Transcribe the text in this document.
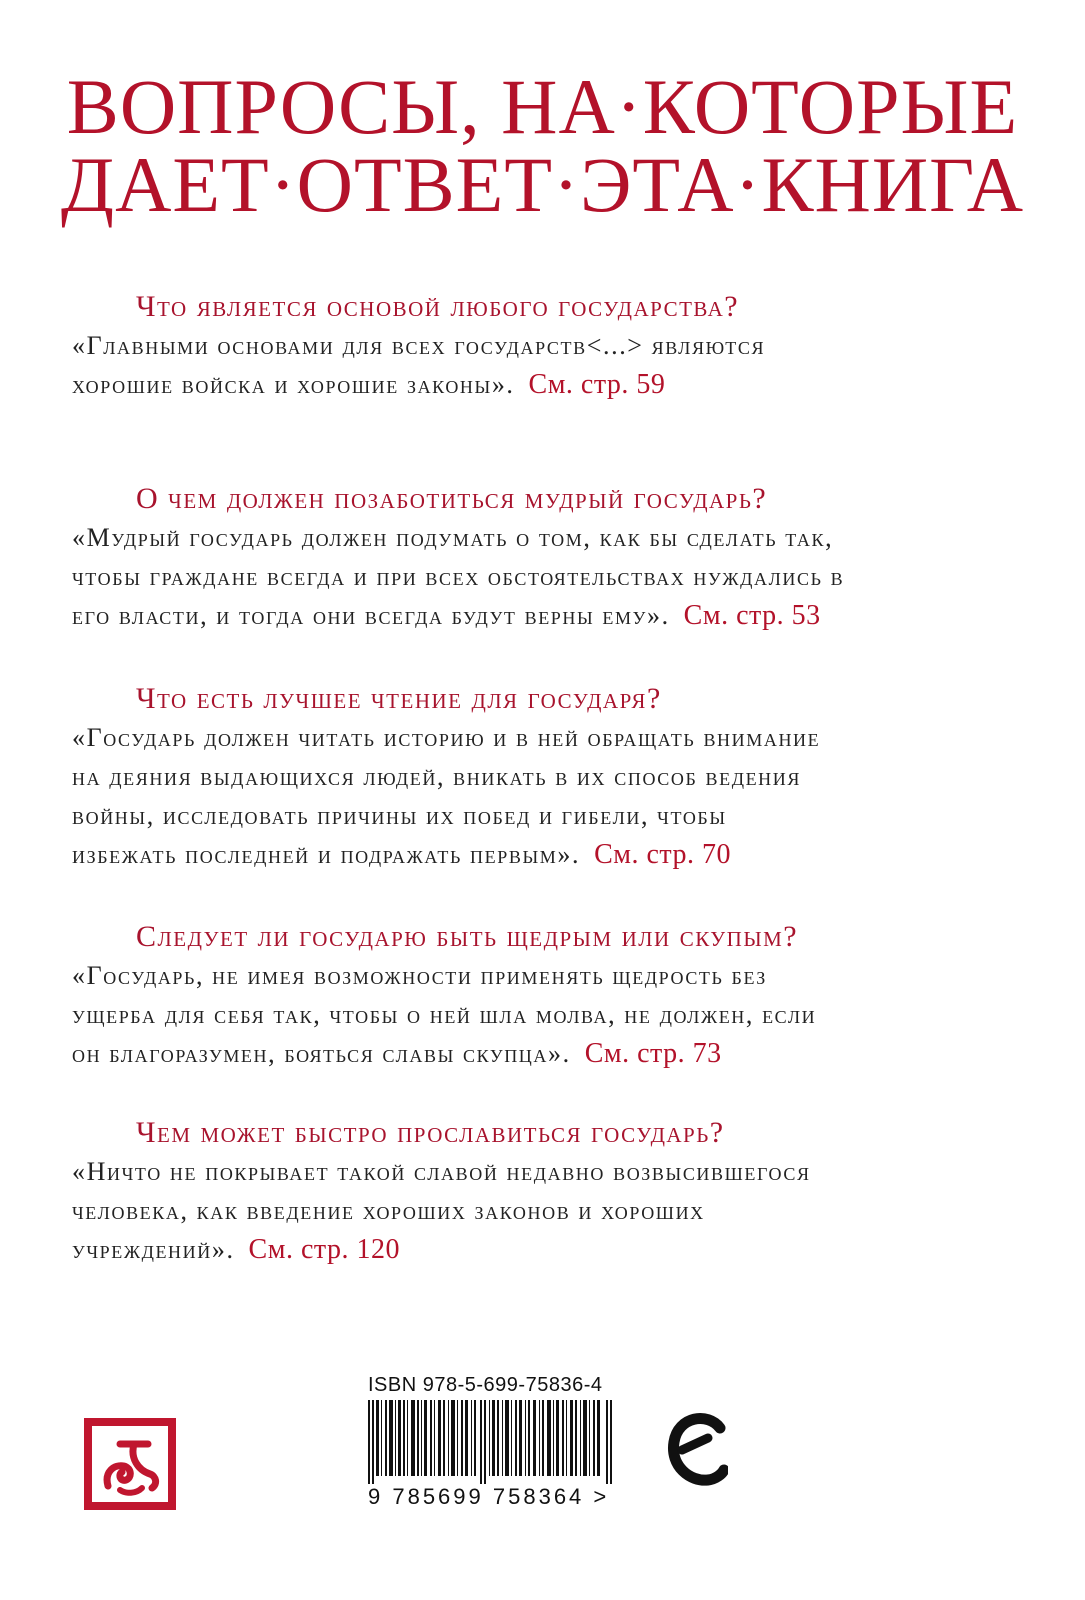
ВОПРОСЫ, НА·КОТОРЫЕ
ДАЕТ·ОТВЕТ·ЭТА·КНИГА
Что является основой любого государства?
«Главными основами для всех государств<...> являются
хорошие войска и хорошие законы». См. стр. 59
О чем должен позаботиться мудрый государь?
«Мудрый государь должен подумать о том, как бы сделать так,
чтобы граждане всегда и при всех обстоятельствах нуждались в
его власти, и тогда они всегда будут верны ему». См. стр. 53
Что есть лучшее чтение для государя?
«Государь должен читать историю и в ней обращать внимание
на деяния выдающихся людей, вникать в их способ ведения
войны, исследовать причины их побед и гибели, чтобы
избежать последней и подражать первым». См. стр. 70
Следует ли государю быть щедрым или скупым?
«Государь, не имея возможности применять щедрость без
ущерба для себя так, чтобы о ней шла молва, не должен, если
он благоразумен, бояться славы скупца». См. стр. 73
Чем может быстро прославиться государь?
«Ничто не покрывает такой славой недавно возвысившегося
человека, как введение хороших законов и хороших
учреждений». См. стр. 120
ISBN 978-5-699-75836-4
9 785699 758364 >
